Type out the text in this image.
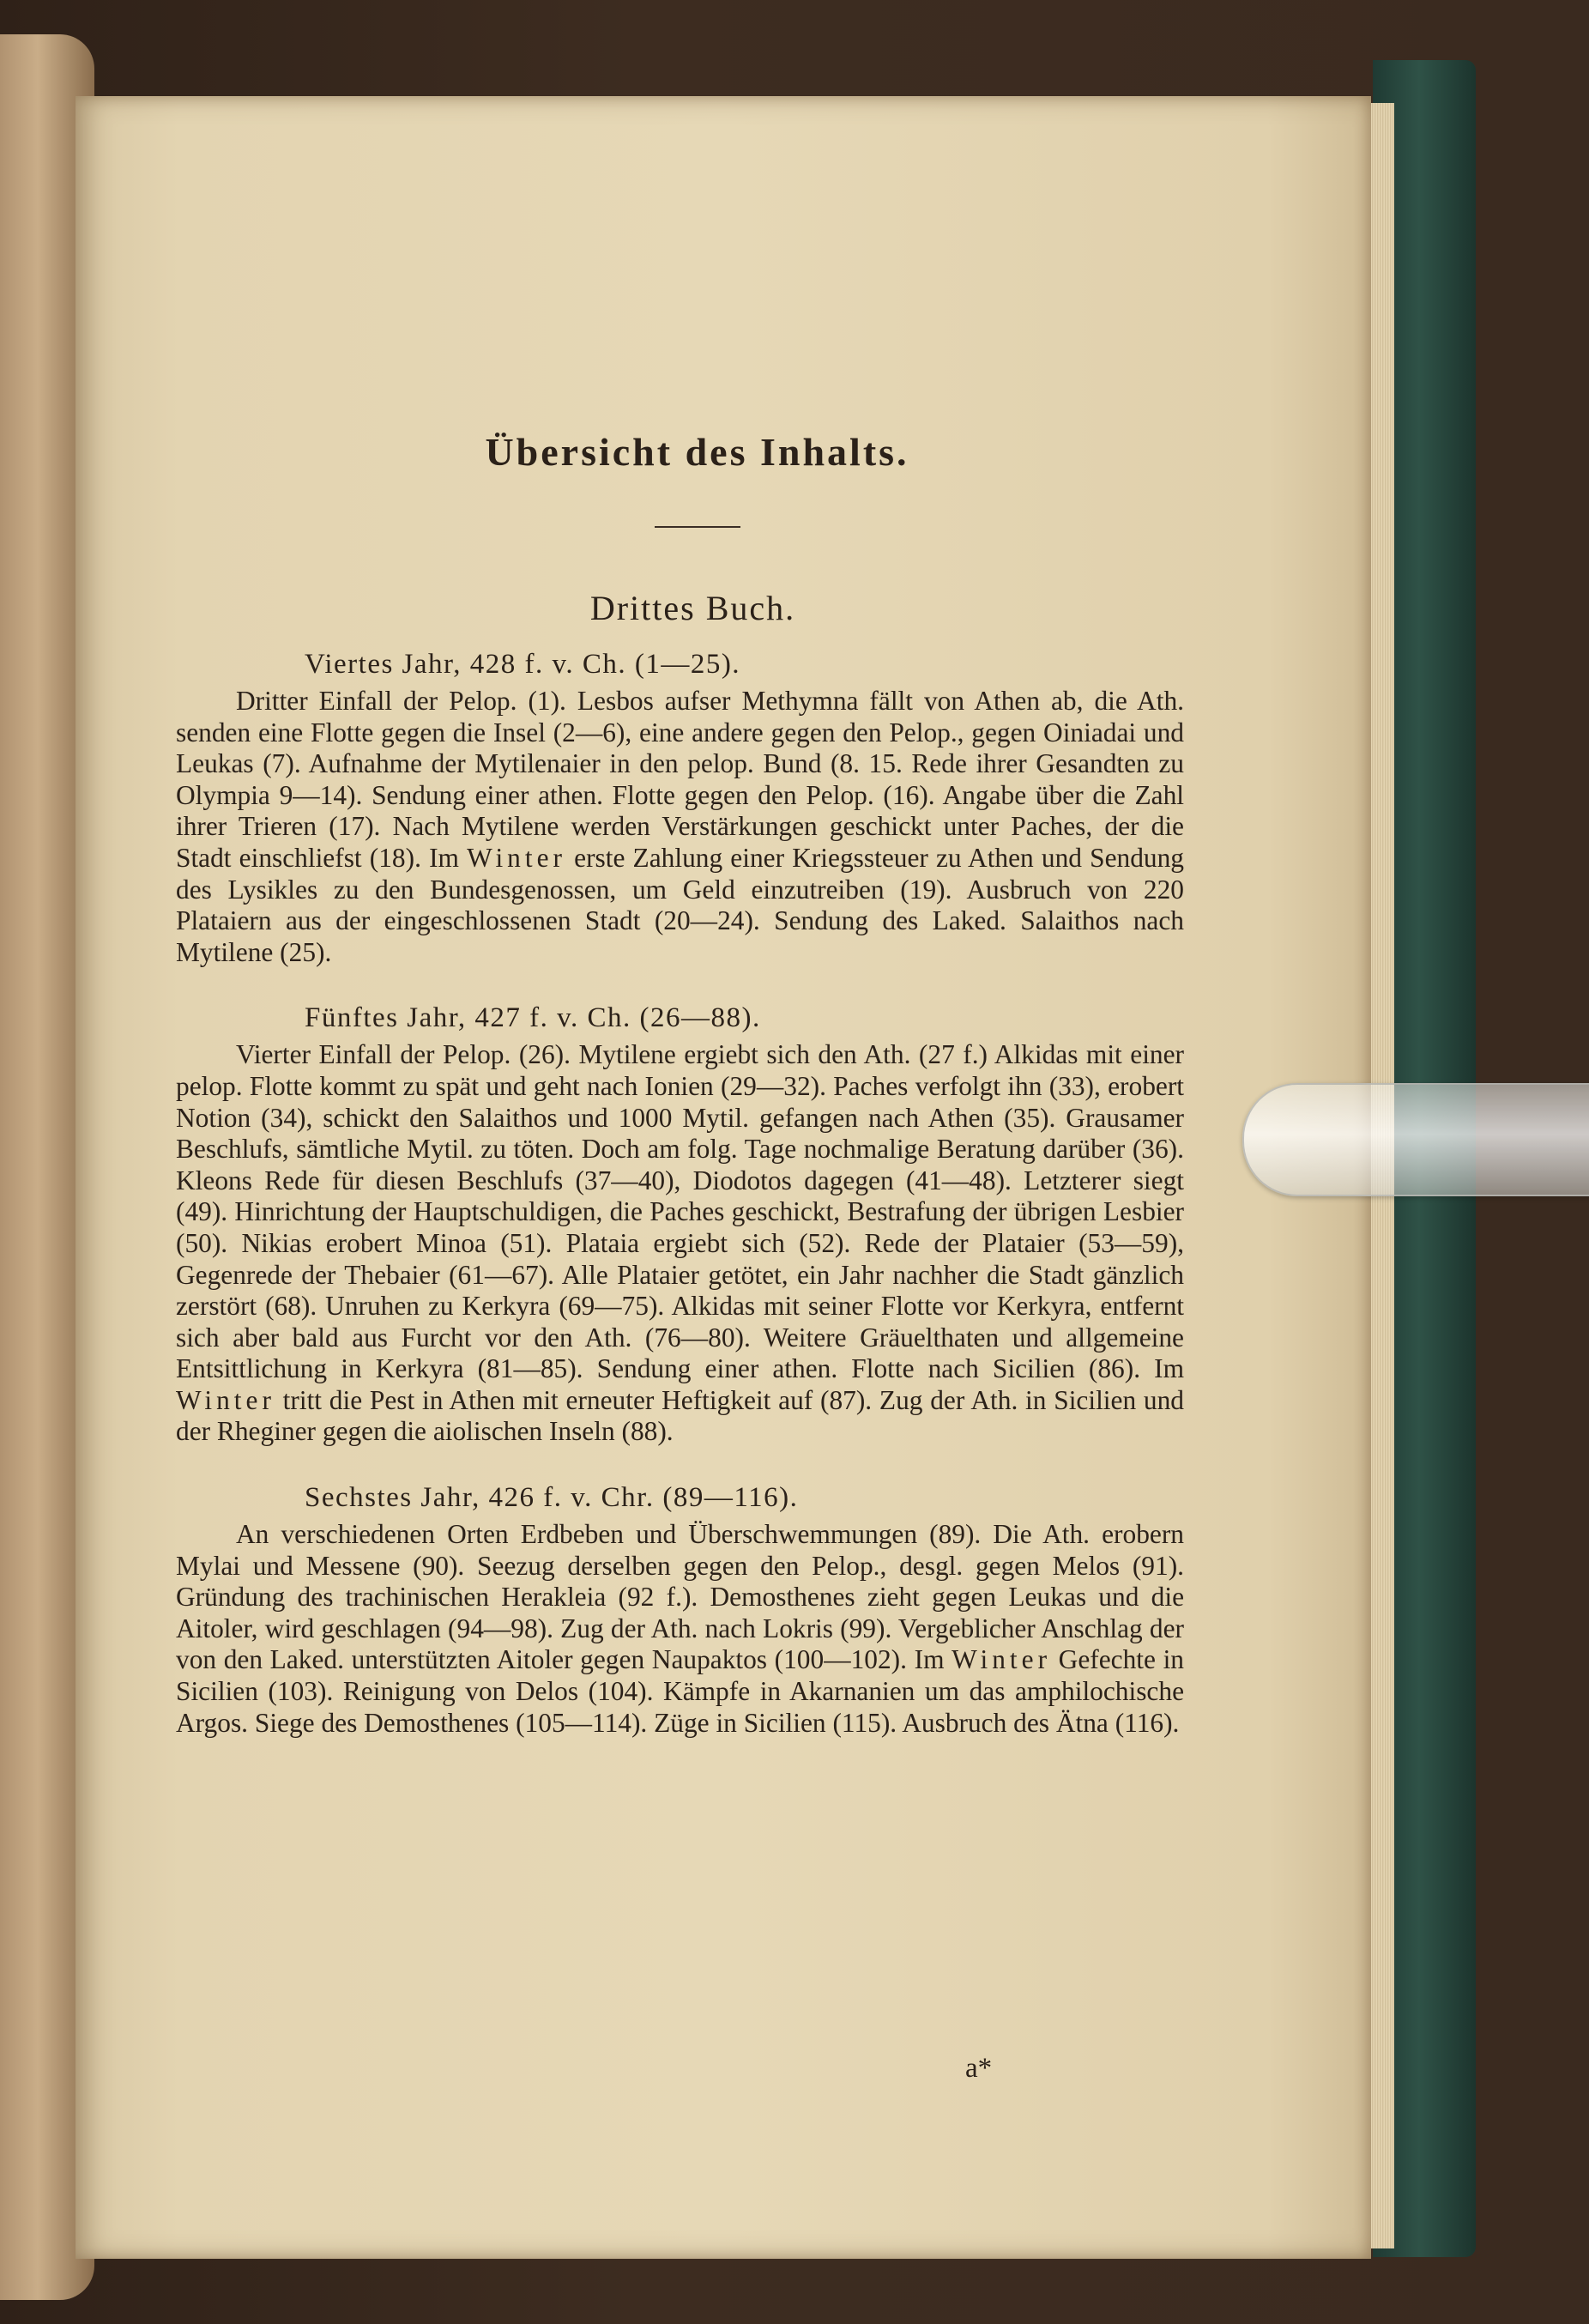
Übersicht des Inhalts.
Drittes Buch.
Viertes Jahr, 428 f. v. Ch. (1—25).

Dritter Einfall der Pelop. (1). Lesbos aufser Methymna fällt von Athen ab, die Ath. senden eine Flotte gegen die Insel (2—6), eine andere gegen den Pelop., gegen Oiniadai und Leukas (7). Aufnahme der Mytilenaier in den pelop. Bund (8. 15. Rede ihrer Gesandten zu Olympia 9—14). Sendung einer athen. Flotte gegen den Pelop. (16). Angabe über die Zahl ihrer Trieren (17). Nach Mytilene werden Verstärkungen geschickt unter Paches, der die Stadt einschliefst (18). Im Winter erste Zahlung einer Kriegssteuer zu Athen und Sendung des Lysikles zu den Bundesgenossen, um Geld einzutreiben (19). Ausbruch von 220 Plataiern aus der eingeschlossenen Stadt (20—24). Sendung des Laked. Salaithos nach Mytilene (25).

Fünftes Jahr, 427 f. v. Ch. (26—88).

Vierter Einfall der Pelop. (26). Mytilene ergiebt sich den Ath. (27 f.) Alkidas mit einer pelop. Flotte kommt zu spät und geht nach Ionien (29—32). Paches verfolgt ihn (33), erobert Notion (34), schickt den Salaithos und 1000 Mytil. gefangen nach Athen (35). Grausamer Beschlufs, sämtliche Mytil. zu töten. Doch am folg. Tage nochmalige Beratung darüber (36). Kleons Rede für diesen Beschlufs (37—40), Diodotos dagegen (41—48). Letzterer siegt (49). Hinrichtung der Hauptschuldigen, die Paches geschickt, Bestrafung der übrigen Lesbier (50). Nikias erobert Minoa (51). Plataia ergiebt sich (52). Rede der Plataier (53—59), Gegenrede der Thebaier (61—67). Alle Plataier getötet, ein Jahr nachher die Stadt gänzlich zerstört (68). Unruhen zu Kerkyra (69—75). Alkidas mit seiner Flotte vor Kerkyra, entfernt sich aber bald aus Furcht vor den Ath. (76—80). Weitere Gräuelthaten und allgemeine Entsittlichung in Kerkyra (81—85). Sendung einer athen. Flotte nach Sicilien (86). Im Winter tritt die Pest in Athen mit erneuter Heftigkeit auf (87). Zug der Ath. in Sicilien und der Rheginer gegen die aiolischen Inseln (88).

Sechstes Jahr, 426 f. v. Chr. (89—116).

An verschiedenen Orten Erdbeben und Überschwemmungen (89). Die Ath. erobern Mylai und Messene (90). Seezug derselben gegen den Pelop., desgl. gegen Melos (91). Gründung des trachinischen Herakleia (92 f.). Demosthenes zieht gegen Leukas und die Aitoler, wird geschlagen (94—98). Zug der Ath. nach Lokris (99). Vergeblicher Anschlag der von den Laked. unterstützten Aitoler gegen Naupaktos (100—102). Im Winter Gefechte in Sicilien (103). Reinigung von Delos (104). Kämpfe in Akarnanien um das amphilochische Argos. Siege des Demosthenes (105—114). Züge in Sicilien (115). Ausbruch des Ätna (116).

a*
